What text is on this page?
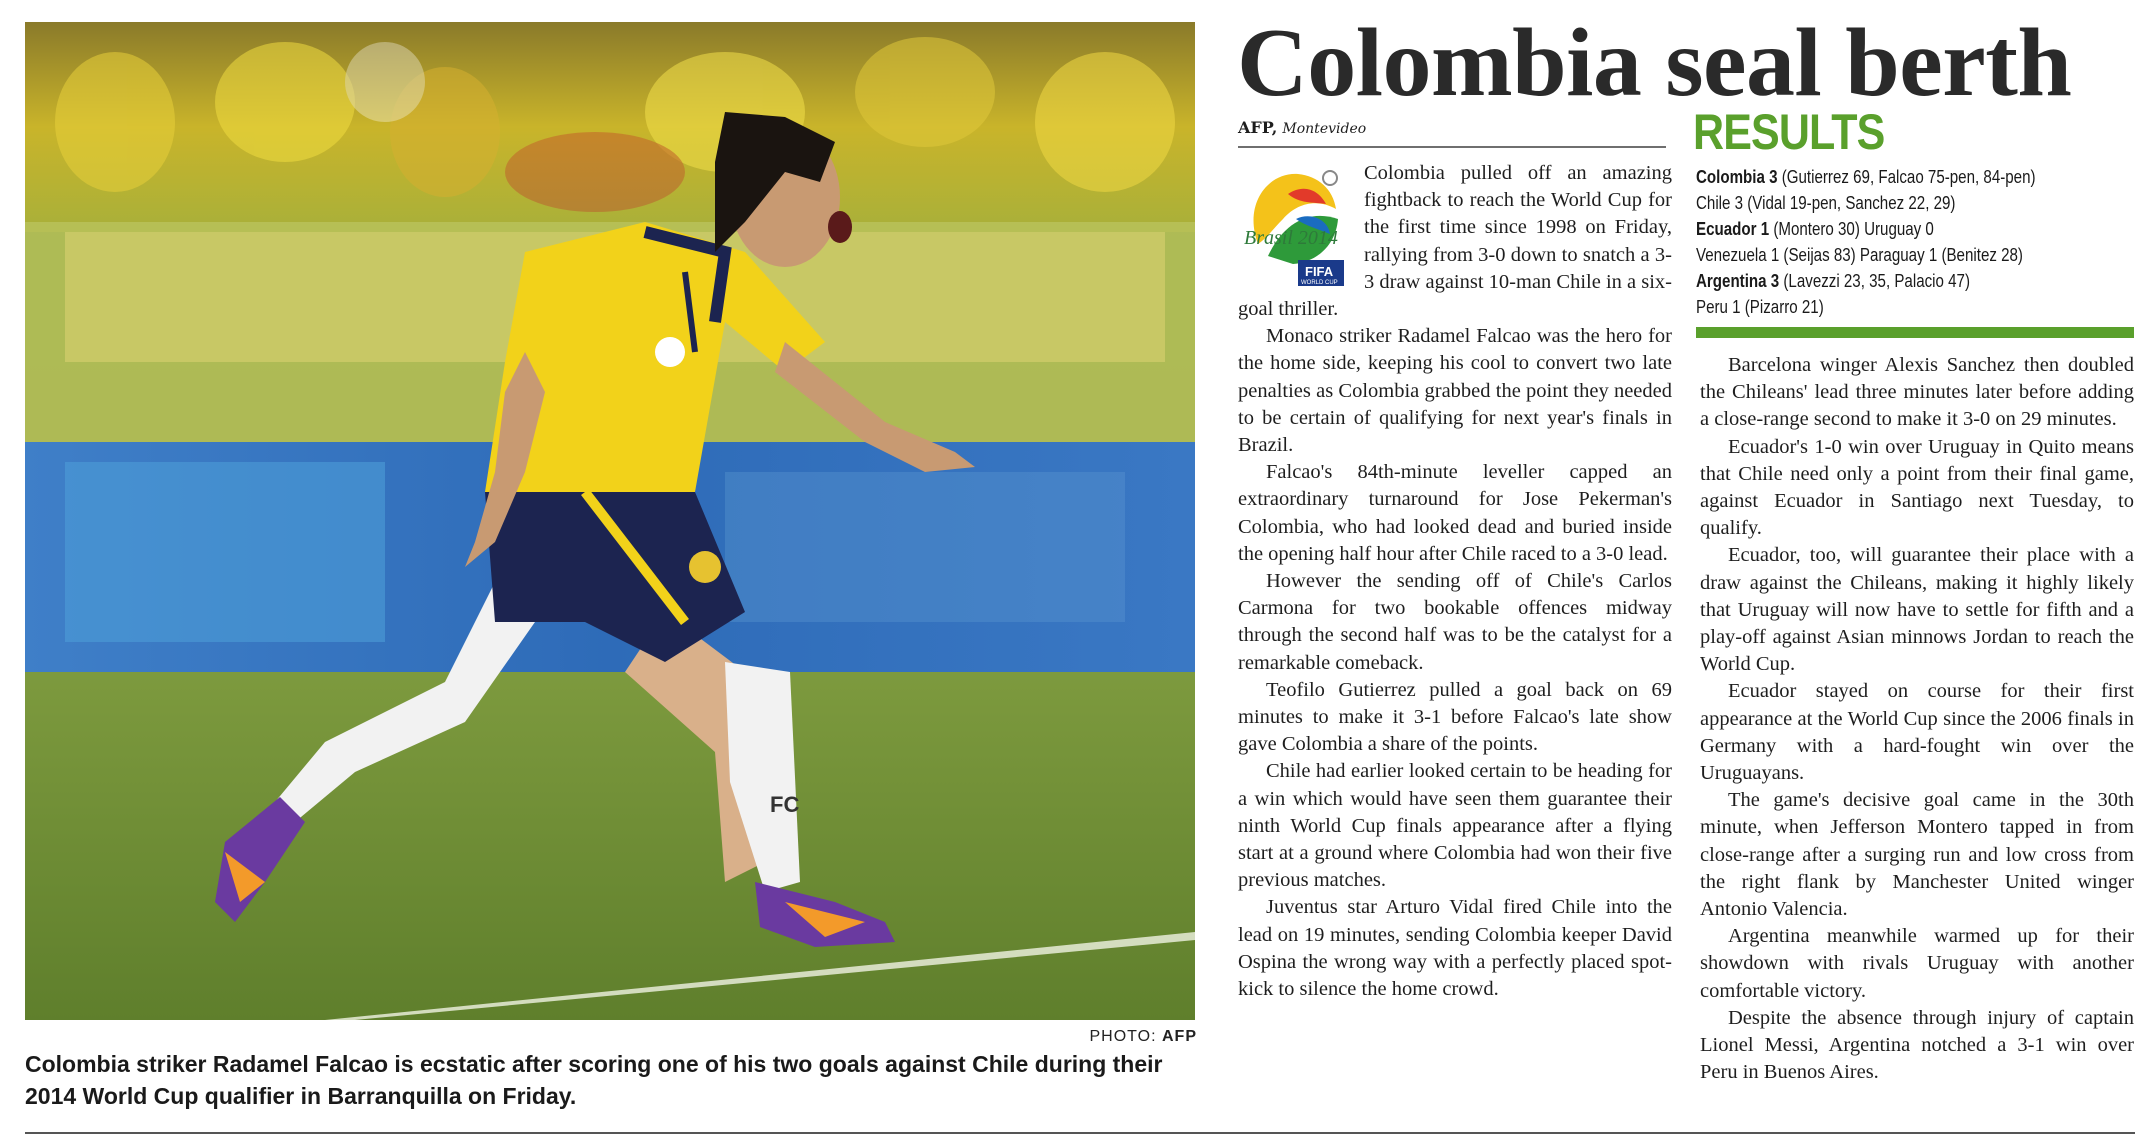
FC
PHOTO: AFP
Colombia striker Radamel Falcao is ecstatic after scoring one of his two goals against Chile during their 2014 World Cup qualifier in Barranquilla on Friday.
Colombia seal berth
AFP, Montevideo
Brasil 2014
FIFA
WORLD CUP

Colombia pulled off an amazing fightback to reach the World Cup for the first time since 1998 on Friday, rallying from 3-0 down to snatch a 3-3 draw against 10-man Chile in a six-goal thriller.

Monaco striker Radamel Falcao was the hero for the home side, keeping his cool to convert two late penalties as Colombia grabbed the point they needed to be certain of qualifying for next year's finals in Brazil.

Falcao's 84th-minute leveller capped an extraordinary turnaround for Jose Pekerman's Colombia, who had looked dead and buried inside the opening half hour after Chile raced to a 3-0 lead.

However the sending off of Chile's Carlos Carmona for two bookable offences midway through the second half was to be the catalyst for a remarkable comeback.

Teofilo Gutierrez pulled a goal back on 69 minutes to make it 3-1 before Falcao's late show gave Colombia a share of the points.

Chile had earlier looked certain to be heading for a win which would have seen them guarantee their ninth World Cup finals appearance after a flying start at a ground where Colombia had won their five previous matches.

Juventus star Arturo Vidal fired Chile into the lead on 19 minutes, sending Colombia keeper David Ospina the wrong way with a perfectly placed spot-kick to silence the home crowd.

RESULTS
Colombia 3 (Gutierrez 69, Falcao 75-pen, 84-pen)
Chile 3 (Vidal 19-pen, Sanchez 22, 29)
Ecuador 1 (Montero 30) Uruguay 0
Venezuela 1 (Seijas 83) Paraguay 1 (Benitez 28)
Argentina 3 (Lavezzi 23, 35, Palacio 47)
Peru 1 (Pizarro 21)

Barcelona winger Alexis Sanchez then doubled the Chileans' lead three minutes later before adding a close-range second to make it 3-0 on 29 minutes.

Ecuador's 1-0 win over Uruguay in Quito means that Chile need only a point from their final game, against Ecuador in Santiago next Tuesday, to qualify.

Ecuador, too, will guarantee their place with a draw against the Chileans, making it highly likely that Uruguay will now have to settle for fifth and a play-off against Asian minnows Jordan to reach the World Cup.

Ecuador stayed on course for their first appearance at the World Cup since the 2006 finals in Germany with a hard-fought win over the Uruguayans.

The game's decisive goal came in the 30th minute, when Jefferson Montero tapped in from close-range after a surging run and low cross from the right flank by Manchester United winger Antonio Valencia.

Argentina meanwhile warmed up for their showdown with rivals Uruguay with another comfortable victory.

Despite the absence through injury of captain Lionel Messi, Argentina notched a 3-1 win over Peru in Buenos Aires.
